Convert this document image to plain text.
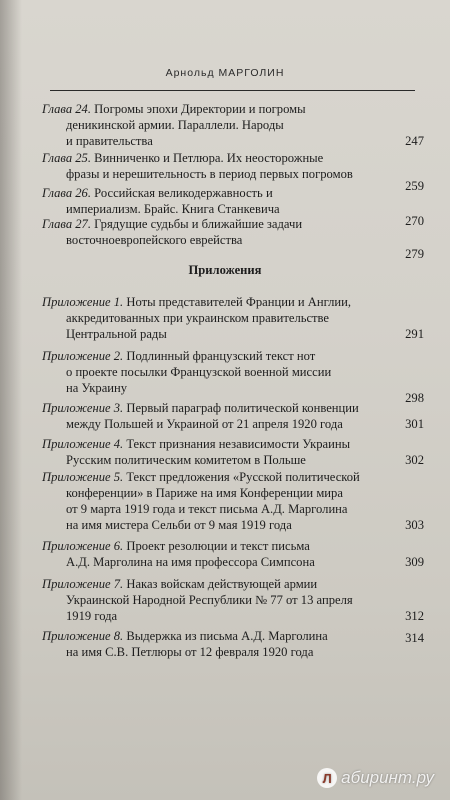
Арнольд МАРГОЛИН
Глава 24. Погромы эпохи Директории и погромы
деникинской армии. Параллели. Народы
и правительства	247
Глава 25. Винниченко и Петлюра. Их неосторожные
фразы и нерешительность в период первых погромов
259
Глава 26. Российская великодержавность и
империализм. Брайс. Книга Станкевича
270
Глава 27. Грядущие судьбы и ближайшие задачи
восточноевропейского еврейства
279
Приложения
Приложение 1. Ноты представителей Франции и Англии,
аккредитованных при украинском правительстве
Центральной рады	291
Приложение 2. Подлинный французский текст нот
о проекте посылки Французской военной миссии
на Украину
298
Приложение 3. Первый параграф политической конвенции
между Польшей и Украиной от 21 апреля 1920 года	301
Приложение 4. Текст признания независимости Украины
Русским политическим комитетом в Польше	302
Приложение 5. Текст предложения «Русской политической
конференции» в Париже на имя Конференции мира
от 9 марта 1919 года и текст письма А.Д. Марголина
на имя мистера Сельби от 9 мая 1919 года	303
Приложение 6. Проект резолюции и текст письма
А.Д. Марголина на имя профессора Симпсона	309
Приложение 7. Наказ войскам действующей армии
Украинской Народной Республики № 77 от 13 апреля
1919 года	312
Приложение 8. Выдержка из письма А.Д. Марголина
на имя С.В. Петлюры от 12 февраля 1920 года
314
Л абиринт.ру
